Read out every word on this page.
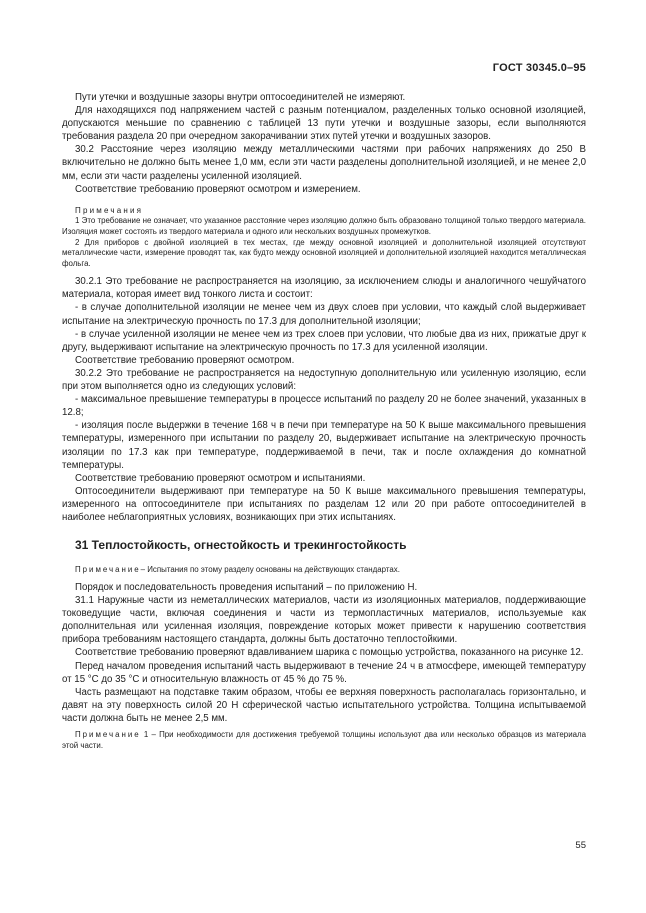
ГОСТ 30345.0–95

Пути утечки и воздушные зазоры внутри оптосоединителей не измеряют.

Для находящихся под напряжением частей с разным потенциалом, разделенных только основной изоляцией, допускаются меньшие по сравнению с таблицей 13 пути утечки и воздушные зазоры, если выполняются требования раздела 20 при очередном закорачивании этих путей утечки и воздушных зазоров.

30.2 Расстояние через изоляцию между металлическими частями при рабочих напряжениях до 250 В включительно не должно быть менее 1,0 мм, если эти части разделены дополнительной изоляцией, и не менее 2,0 мм, если эти части разделены усиленной изоляцией.

Соответствие требованию проверяют осмотром и измерением.

Примечания

1 Это требование не означает, что указанное расстояние через изоляцию должно быть образовано толщиной только твердого материала. Изоляция может состоять из твердого материала и одного или нескольких воздушных промежутков.

2 Для приборов с двойной изоляцией в тех местах, где между основной изоляцией и дополнительной изоляцией отсутствуют металлические части, измерение проводят так, как будто между основной изоляцией и дополнительной изоляцией находится металлическая фольга.

30.2.1 Это требование не распространяется на изоляцию, за исключением слюды и аналогичного чешуйчатого материала, которая имеет вид тонкого листа и состоит:

- в случае дополнительной изоляции не менее чем из двух слоев при условии, что каждый слой выдерживает испытание на электрическую прочность по 17.3 для дополнительной изоляции;

- в случае усиленной изоляции не менее чем из трех слоев при условии, что любые два из них, прижатые друг к другу, выдерживают испытание на электрическую прочность по 17.3 для усиленной изоляции.

Соответствие требованию проверяют осмотром.

30.2.2 Это требование не распространяется на недоступную дополнительную или усиленную изоляцию, если при этом выполняется одно из следующих условий:

- максимальное превышение температуры в процессе испытаний по разделу 20 не более значений, указанных в 12.8;

- изоляция после выдержки в течение 168 ч в печи при температуре на 50 К выше максимального превышения температуры, измеренного при испытании по разделу 20, выдерживает испытание на электрическую прочность изоляции по 17.3 как при температуре, поддерживаемой в печи, так и после охлаждения до комнатной температуры.

Соответствие требованию проверяют осмотром и испытаниями.

Оптосоединители выдерживают при температуре на 50 К выше максимального превышения температуры, измеренного на оптосоединителе при испытаниях по разделам 12 или 20 при работе оптосоединителей в наиболее неблагоприятных условиях, возникающих при этих испытаниях.

31 Теплостойкость, огнестойкость и трекингостойкость

Примечание– Испытания по этому разделу основаны на действующих стандартах.

Порядок и последовательность проведения испытаний – по приложению Н.

31.1 Наружные части из неметаллических материалов, части из изоляционных материалов, поддерживающие токоведущие части, включая соединения и части из термопластичных материалов, используемые как дополнительная или усиленная изоляция, повреждение которых может привести к нарушению соответствия прибора требованиям настоящего стандарта, должны быть достаточно теплостойкими.

Соответствие требованию проверяют вдавливанием шарика с помощью устройства, показанного на рисунке 12.

Перед началом проведения испытаний часть выдерживают в течение 24 ч в атмосфере, имеющей температуру от 15 °С до 35 °С и относительную влажность от 45 % до 75 %.

Часть размещают на подставке таким образом, чтобы ее верхняя поверхность располагалась горизонтально, и давят на эту поверхность силой 20 Н сферической частью испытательного устройства. Толщина испытываемой части должна быть не менее 2,5 мм.

Примечание 1 – При необходимости для достижения требуемой толщины используют два или несколько образцов из материала этой части.

55
